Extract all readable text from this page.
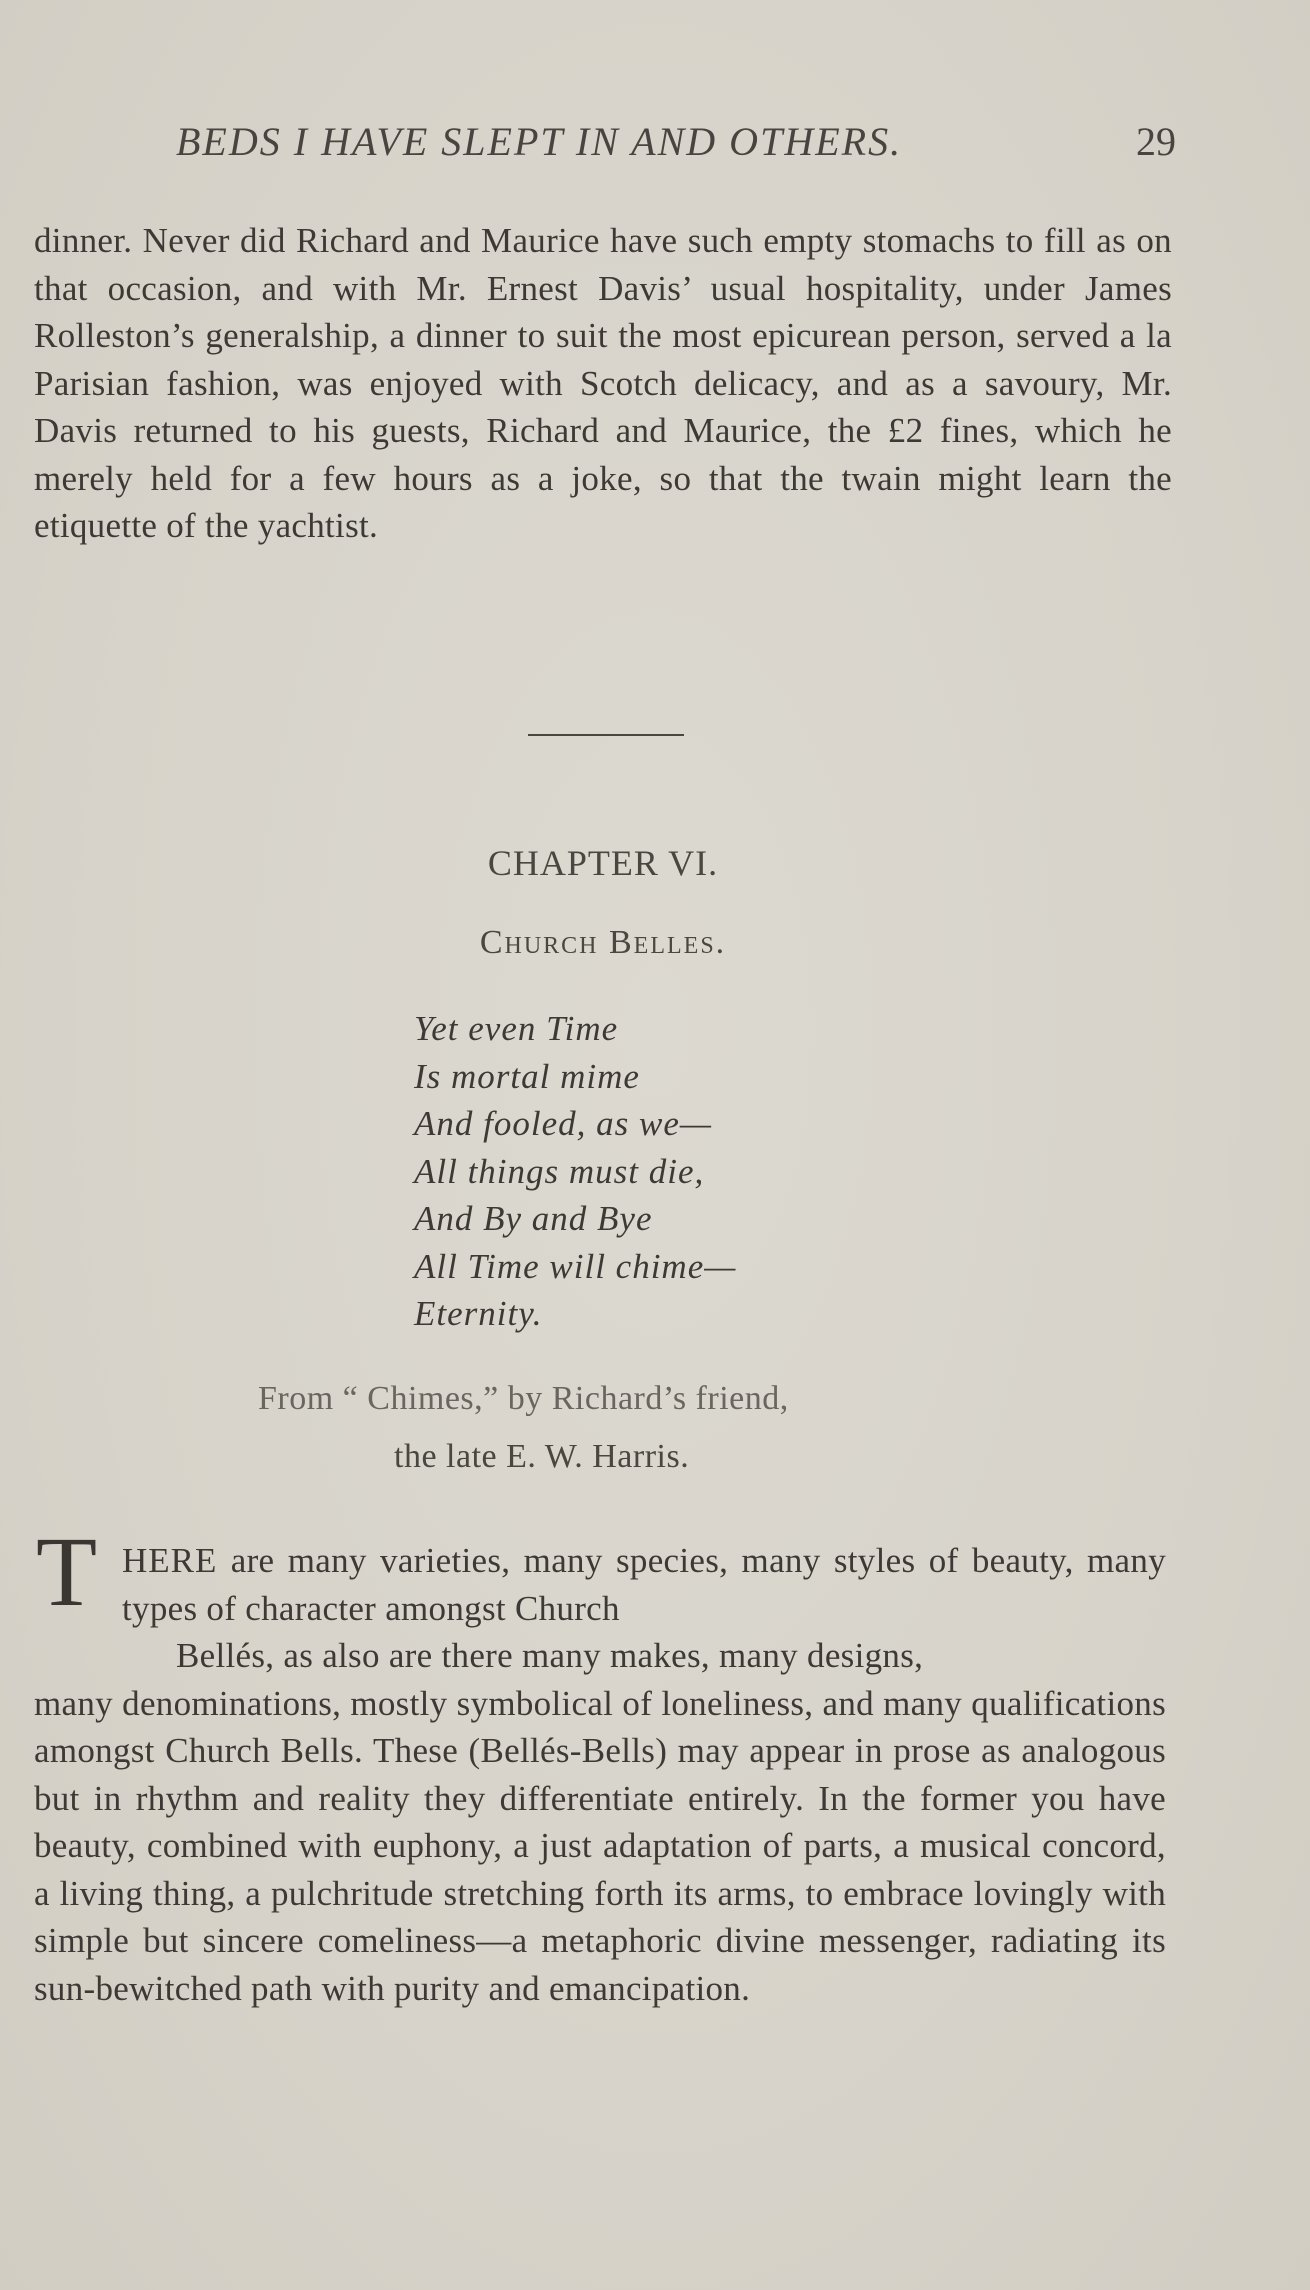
BEDS I HAVE SLEPT IN AND OTHERS.	29

dinner. Never did Richard and Maurice have such empty stomachs to fill as on that occasion, and with Mr. Ernest Davis’ usual hospitality, under James Rolleston’s generalship, a dinner to suit the most epicurean person, served a la Parisian fashion, was enjoyed with Scotch delicacy, and as a savoury, Mr. Davis returned to his guests, Richard and Maurice, the £2 fines, which he merely held for a few hours as a joke, so that the twain might learn the etiquette of the yachtist.

CHAPTER VI.
Church Belles.
Yet even Time
Is mortal mime
And fooled, as we—
All things must die,
And By and Bye
All Time will chime—
Eternity.
From “ Chimes,” by Richard’s friend,
the late E. W. Harris.
T HERE are many varieties, many species, many styles of beauty, many types of character amongst Church

Bellés, as also are there many makes, many designs,
many denominations, mostly symbolical of loneliness, and many qualifications amongst Church Bells. These (Bellés-Bells) may appear in prose as analogous but in rhythm and reality they differentiate entirely. In the former you have beauty, combined with euphony, a just adaptation of parts, a musical concord, a living thing, a pulchritude stretching forth its arms, to embrace lovingly with simple but sincere comeliness—a metaphoric divine messenger, radiating its sun-bewitched path with purity and emancipation.
